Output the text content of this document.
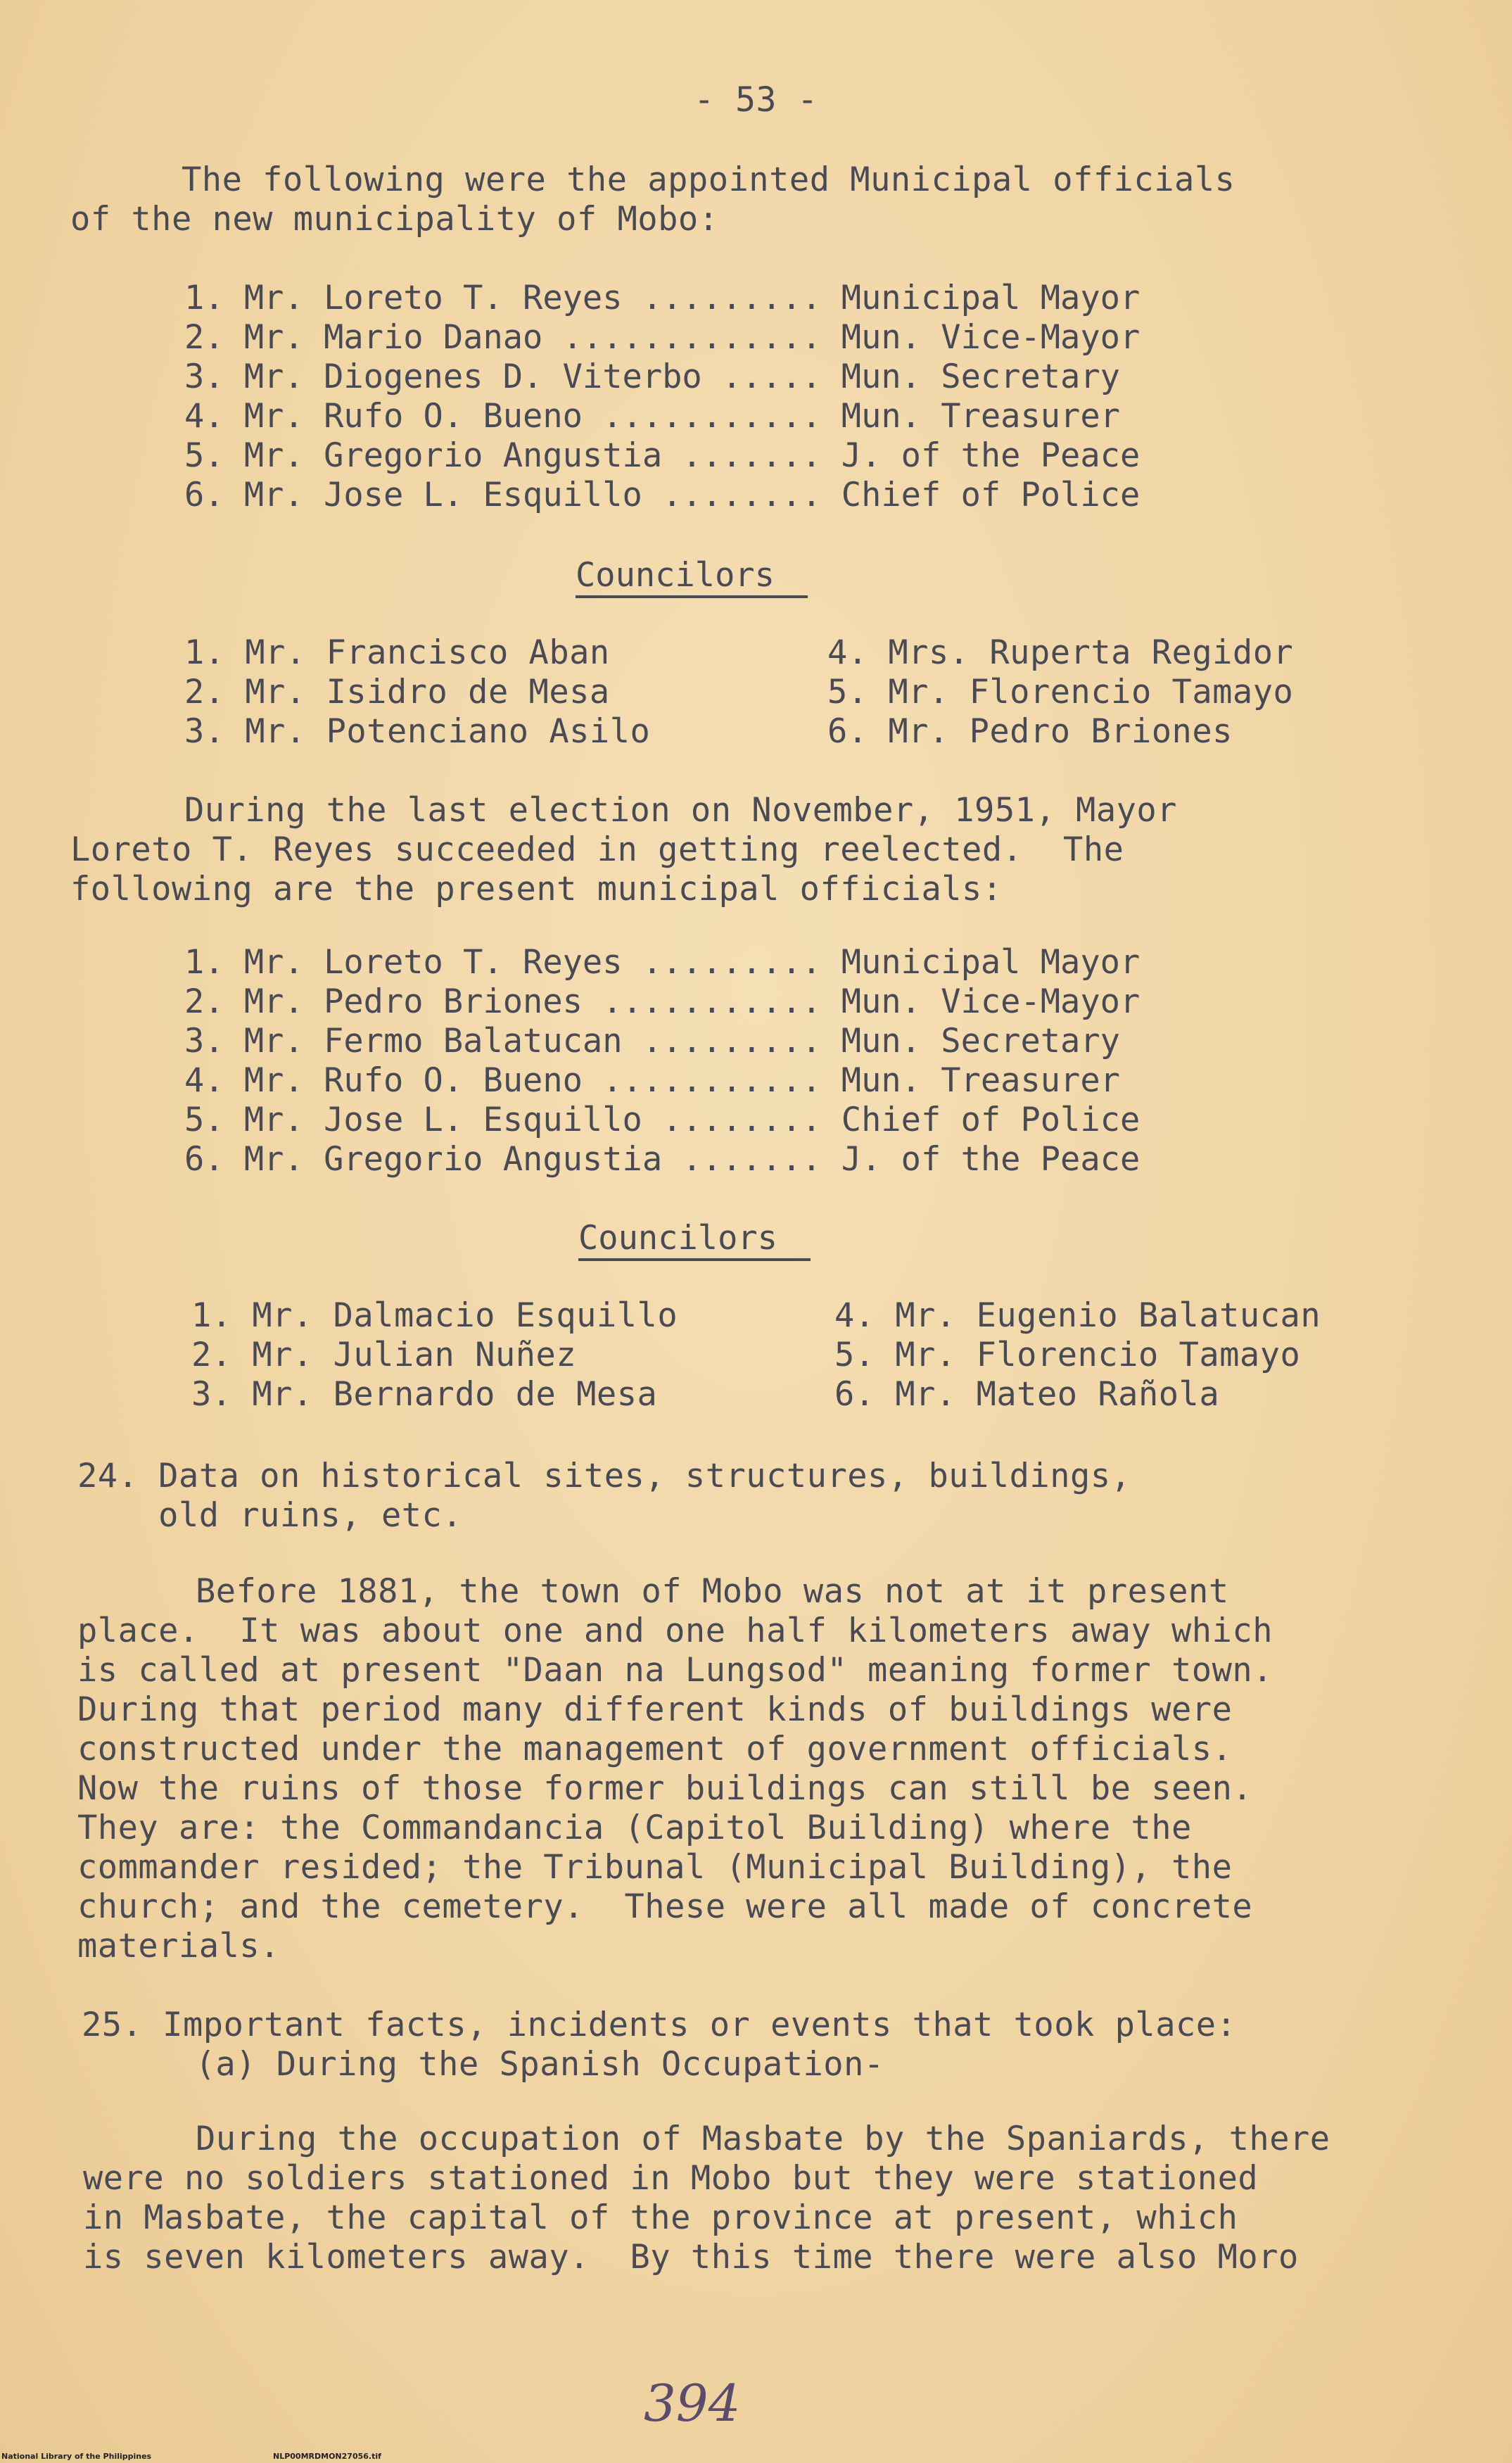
- 53 -
The following were the appointed Municipal officials
of the new municipality of Mobo:
1. Mr. Loreto T. Reyes ......... Municipal Mayor
2. Mr. Mario Danao ............. Mun. Vice-Mayor
3. Mr. Diogenes D. Viterbo ..... Mun. Secretary
4. Mr. Rufo O. Bueno ........... Mun. Treasurer
5. Mr. Gregorio Angustia ....... J. of the Peace
6. Mr. Jose L. Esquillo ........ Chief of Police
Councilors
1. Mr. Francisco Aban
2. Mr. Isidro de Mesa
3. Mr. Potenciano Asilo
4. Mrs. Ruperta Regidor
5. Mr. Florencio Tamayo
6. Mr. Pedro Briones
During the last election on November, 1951, Mayor
Loreto T. Reyes succeeded in getting reelected.  The
following are the present municipal officials:
1. Mr. Loreto T. Reyes ......... Municipal Mayor
2. Mr. Pedro Briones ........... Mun. Vice-Mayor
3. Mr. Fermo Balatucan ......... Mun. Secretary
4. Mr. Rufo O. Bueno ........... Mun. Treasurer
5. Mr. Jose L. Esquillo ........ Chief of Police
6. Mr. Gregorio Angustia ....... J. of the Peace
Councilors
1. Mr. Dalmacio Esquillo
2. Mr. Julian Nuñez
3. Mr. Bernardo de Mesa
4. Mr. Eugenio Balatucan
5. Mr. Florencio Tamayo
6. Mr. Mateo Rañola
24. Data on historical sites, structures, buildings,
old ruins, etc.
Before 1881, the town of Mobo was not at it present
place.  It was about one and one half kilometers away which
is called at present "Daan na Lungsod" meaning former town.
During that period many different kinds of buildings were
constructed under the management of government officials.
Now the ruins of those former buildings can still be seen.
They are: the Commandancia (Capitol Building) where the
commander resided; the Tribunal (Municipal Building), the
church; and the cemetery.  These were all made of concrete
materials.
25. Important facts, incidents or events that took place:
(a) During the Spanish Occupation-
During the occupation of Masbate by the Spaniards, there
were no soldiers stationed in Mobo but they were stationed
in Masbate, the capital of the province at present, which
is seven kilometers away.  By this time there were also Moro
394
National Library of the Philippines	NLP00MRDMON27056.tif
